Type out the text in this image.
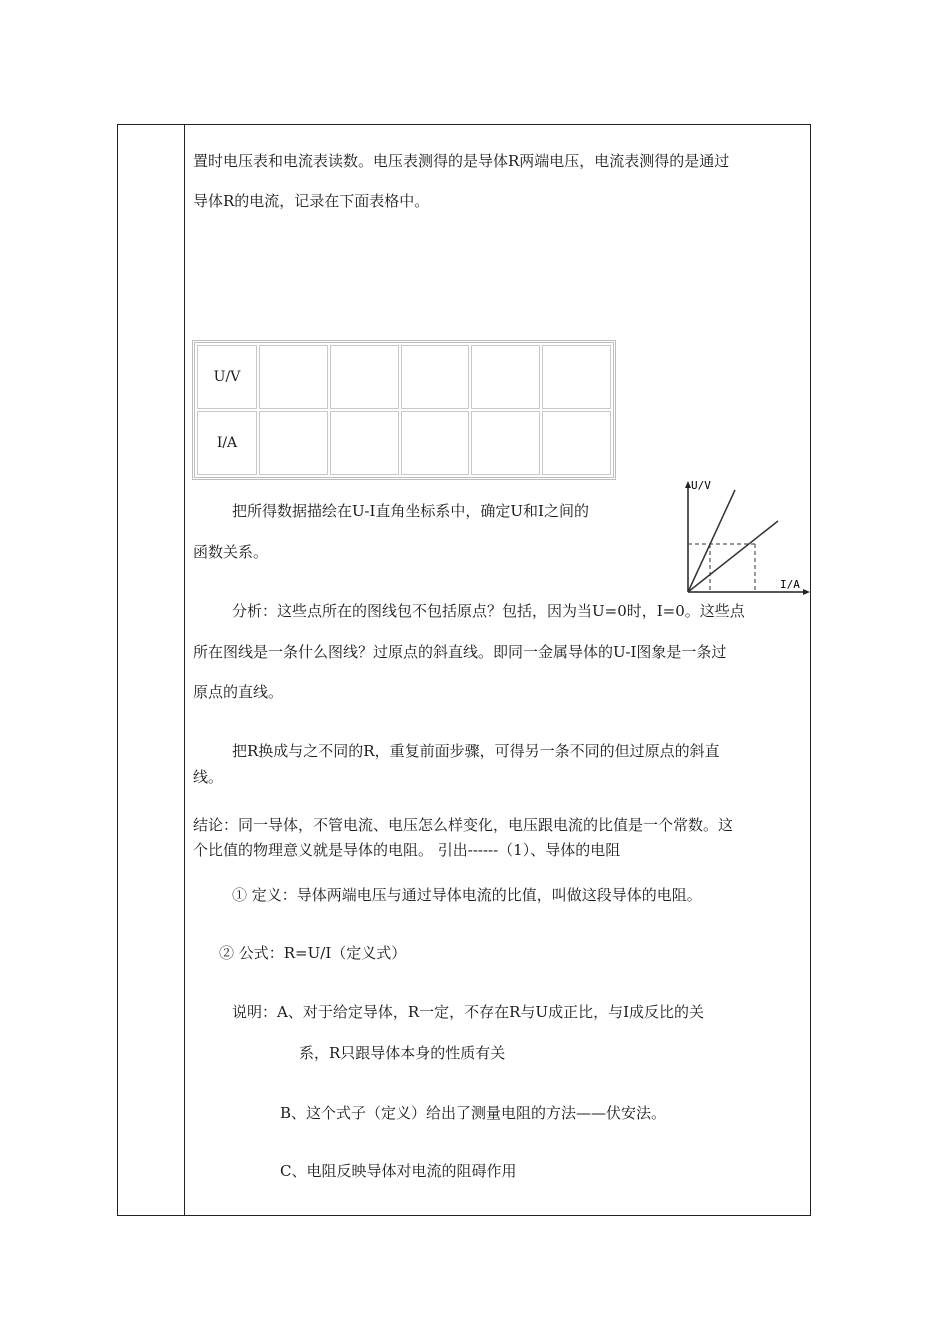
置时电压表和电流表读数。电压表测得的是导体R两端电压，电流表测得的是通过
导体R的电流，记录在下面表格中。
U/V					
I/A					
把所得数据描绘在U-I直角坐标系中，确定U和I之间的
函数关系。
U/V
I/A
分析：这些点所在的图线包不包括原点？包括，因为当U=0时，I=0。这些点
所在图线是一条什么图线？过原点的斜直线。即同一金属导体的U-I图象是一条过
原点的直线。
把R换成与之不同的R，重复前面步骤，可得另一条不同的但过原点的斜直
线。
结论：同一导体，不管电流、电压怎么样变化，电压跟电流的比值是一个常数。这
个比值的物理意义就是导体的电阻。 引出------（1）、导体的电阻
① 定义：导体两端电压与通过导体电流的比值，叫做这段导体的电阻。
② 公式：R=U/I（定义式）
说明：A、对于给定导体，R一定，不存在R与U成正比，与I成反比的关
系，R只跟导体本身的性质有关
B、这个式子（定义）给出了测量电阻的方法——伏安法。
C、电阻反映导体对电流的阻碍作用
